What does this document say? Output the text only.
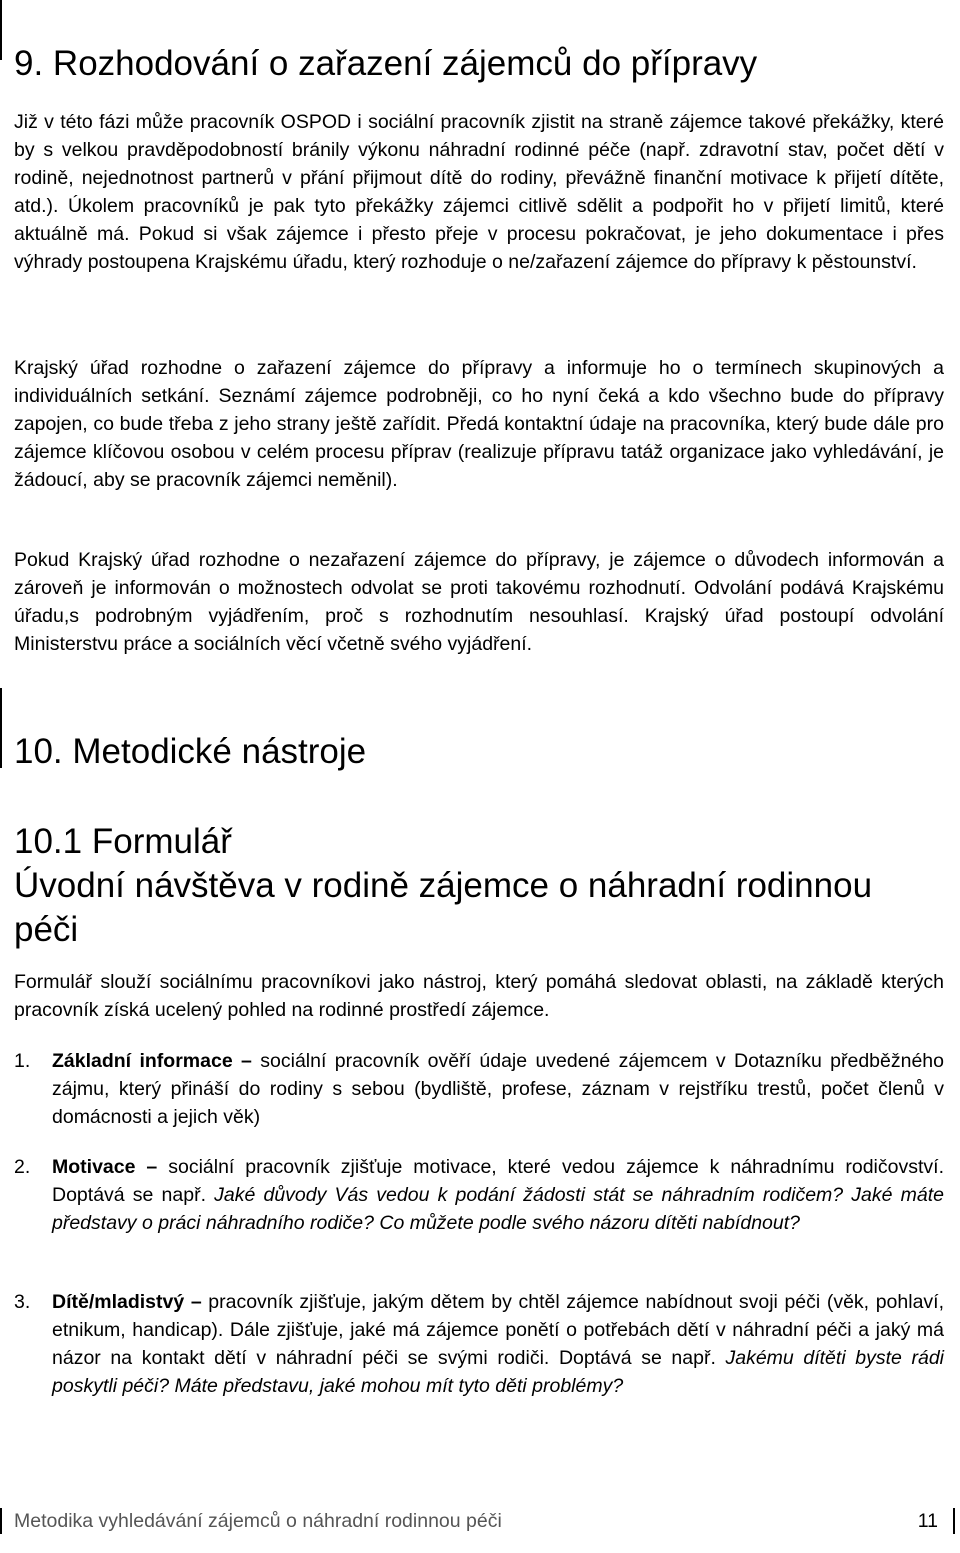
9. Rozhodování o zařazení zájemců do přípravy

Již v této fázi může pracovník OSPOD i sociální pracovník zjistit na straně zájemce takové překážky, které by s velkou pravděpodobností bránily výkonu náhradní rodinné péče (např. zdravotní stav, počet dětí v rodině, nejednotnost partnerů v přání přijmout dítě do rodiny, převážně finanční motivace k přijetí dítěte, atd.). Úkolem pracovníků je pak tyto překážky zájemci citlivě sdělit a podpořit ho v přijetí limitů, které aktuálně má. Pokud si však zájemce i přesto přeje v procesu pokračovat, je jeho dokumentace i přes výhrady postoupena Krajskému úřadu, který rozhoduje o ne/zařazení zájemce do přípravy k pěstounství.

Krajský úřad rozhodne o zařazení zájemce do přípravy a informuje ho o termínech skupinových a individuálních setkání. Seznámí zájemce podrobněji, co ho nyní čeká a kdo všechno bude do přípravy zapojen, co bude třeba z jeho strany ještě zařídit. Předá kontaktní údaje na pracovníka, který bude dále pro zájemce klíčovou osobou v celém procesu příprav (realizuje přípravu tatáž organizace jako vyhledávání, je žádoucí, aby se pracovník zájemci neměnil).

Pokud Krajský úřad rozhodne o nezařazení zájemce do přípravy, je zájemce o důvodech informován a zároveň je informován o možnostech odvolat se proti takovému rozhodnutí. Odvolání podává Krajskému úřadu,s podrobným vyjádřením, proč s rozhodnutím nesouhlasí. Krajský úřad postoupí odvolání Ministerstvu práce a sociálních věcí včetně svého vyjádření.

10. Metodické nástroje
10.1 Formulář
Úvodní návštěva v rodině zájemce o náhradní rodinnou péči

Formulář slouží sociálnímu pracovníkovi jako nástroj, který pomáhá sledovat oblasti, na základě kterých pracovník získá ucelený pohled na rodinné prostředí zájemce.

1. Základní informace – sociální pracovník ověří údaje uvedené zájemcem v Dotazníku předběžného zájmu, který přináší do rodiny s sebou (bydliště, profese, záznam v rejstříku trestů, počet členů v domácnosti a jejich věk)
2. Motivace – sociální pracovník zjišťuje motivace, které vedou zájemce k náhradnímu rodičovství. Doptává se např. Jaké důvody Vás vedou k podání žádosti stát se náhradním rodičem? Jaké máte představy o práci náhradního rodiče? Co můžete podle svého názoru dítěti nabídnout?
3. Dítě/mladistvý – pracovník zjišťuje, jakým dětem by chtěl zájemce nabídnout svoji péči (věk, pohlaví, etnikum, handicap). Dále zjišťuje, jaké má zájemce ponětí o potřebách dětí v náhradní péči a jaký má názor na kontakt dětí v náhradní péči se svými rodiči. Doptává se např. Jakému dítěti byste rádi poskytli péči? Máte představu, jaké mohou mít tyto děti problémy?
Metodika vyhledávání zájemců o náhradní rodinnou péči	11
